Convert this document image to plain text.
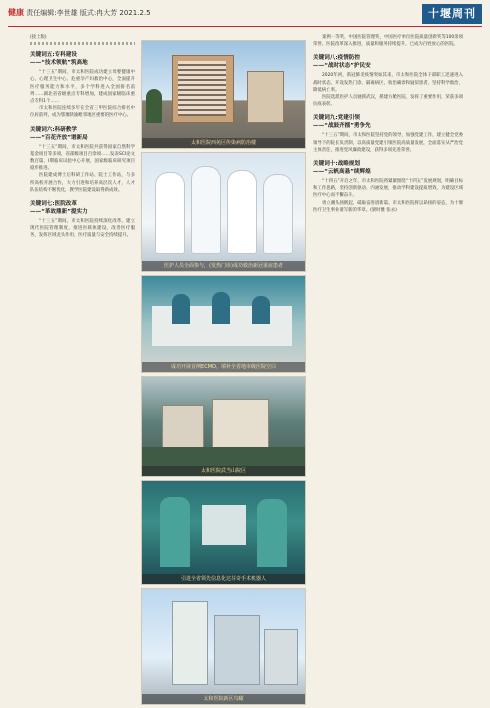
健康 责任编辑:李世雄 版式:冉大芳 2021.2.5	十堰周刊
(接上版)
关键词五:专科建设
——“技术领航”筑高地
“十三五”期间，市太和医院成功建立母婴健康中心、心理卫生中心、危重孕产妇救治中心，全面提升医疗服务能力和水平，多个学科进入全国排名前列……湖北省省级重点专科增加，建成国家级临床重点专科1个……
市太和医院连续多年在全省三甲医院综合排名中位居前列，成为鄂豫陕渝毗邻地区重要的医疗中心。
关键词六:科研教学
——“百花齐放”谱新局
“十三五”期间，市太和医院共获得国家自然科学基金项目等多项，省部级项目百余项……发表SCI论文数百篇，I期临床试验中心开展，国家级临床研究项目稳步推进。
医院建成博士后科研工作站、院士工作站，与多所高校开展合作，大力引进和培养高层次人才，人才队伍结构不断优化，教学医院建设取得新成效。
关键词七:医院改革
——“革故鼎新”提实力
“十三五”期间，市太和医院持续深化改革，建立现代医院管理制度，推进医联体建设，改善医疗服务，发挥区域龙头作用，医疗质量与安全持续提升。
太和医院西苑区传染病防治楼
医护人员全面参与，(发热门诊)成功救治新冠重症患者
成功开展首例ECMO，填补全省地市级医院空白
太和医院武当山院区
引进全省领先信息化达芬奇手术机器人
太和医院新区鸟瞰
案例一等奖，中国医院管理奖，中国医疗单位医院质量创新奖等100余项荣誉。医院改革深入推进，质量和服务持续提升，已成为百姓放心的医院。
关键词八:疫情防控
——“战时状态”护民安
2020年初，新冠肺炎疫情突如其来，市太和医院全体干部职工迅速进入战时状态，开设发热门诊、隔离病区，收治确诊和疑似患者，坚持科学救治，降低病亡率。
医院选派医护人员驰援武汉，援建方舱医院，发挥了重要作用，荣获多项抗疫表彰。
关键词九:党建引领
——“战鼓齐擂”勇争先
“十三五”期间，市太和医院坚持党的领导，加强党建工作，建立健全党委领导下的院长负责制，以高质量党建引领医院高质量发展，全面落实从严治党主体责任，推进党风廉政建设，获得多项先进荣誉。
关键词十:战略规划
——“云帆高悬”续辉煌
“十四五”开启之年，市太和医院将紧紧围绕“十四五”发展规划，明确目标和工作思路，坚持创新驱动、内涵发展，推动学科建设提质增效，为建设区域医疗中心而不懈奋斗。
勇立潮头扬帆起，砥砺奋进谱新篇。市太和医院将以昂扬的姿态，为十堰医疗卫生事业谱写新的华章。(梁时雅 张永)
